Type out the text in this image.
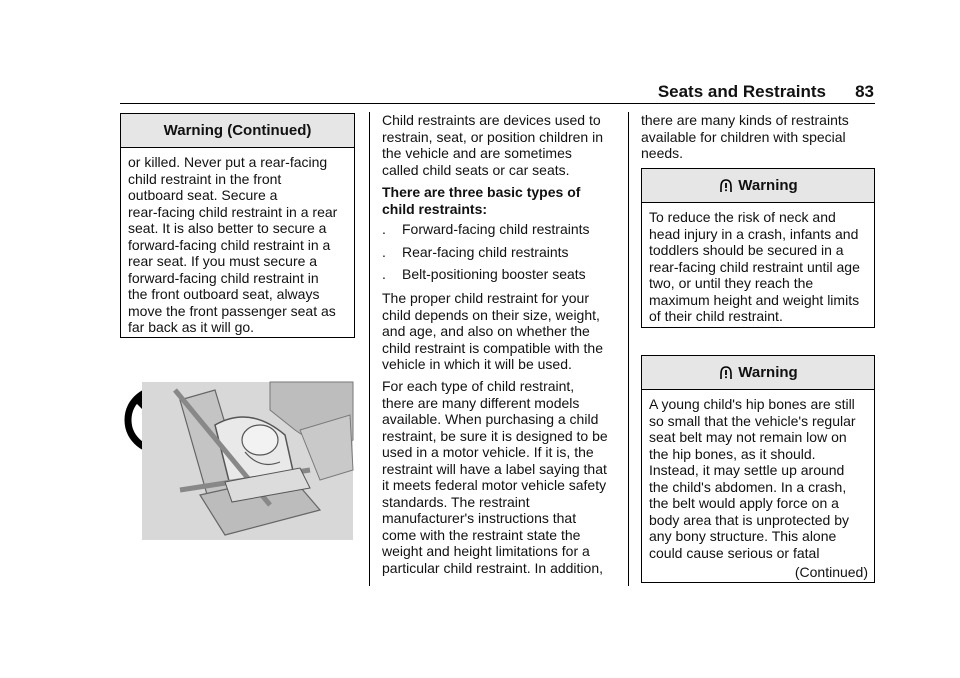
Seats and Restraints	83
Warning (Continued)
or killed. Never put a rear-facing
child restraint in the front
outboard seat. Secure a
rear-facing child restraint in a rear
seat. It is also better to secure a
forward-facing child restraint in a
rear seat. If you must secure a
forward-facing child restraint in
the front outboard seat, always
move the front passenger seat as
far back as it will go.
Child restraints are devices used to
restrain, seat, or position children in
the vehicle and are sometimes
called child seats or car seats.
There are three basic types of
child restraints:
. Forward-facing child restraints
. Rear-facing child restraints
. Belt-positioning booster seats
The proper child restraint for your
child depends on their size, weight,
and age, and also on whether the
child restraint is compatible with the
vehicle in which it will be used.
For each type of child restraint,
there are many different models
available. When purchasing a child
restraint, be sure it is designed to be
used in a motor vehicle. If it is, the
restraint will have a label saying that
it meets federal motor vehicle safety
standards. The restraint
manufacturer's instructions that
come with the restraint state the
weight and height limitations for a
particular child restraint. In addition,
there are many kinds of restraints
available for children with special
needs.
Warning
To reduce the risk of neck and
head injury in a crash, infants and
toddlers should be secured in a
rear-facing child restraint until age
two, or until they reach the
maximum height and weight limits
of their child restraint.
Warning
A young child's hip bones are still
so small that the vehicle's regular
seat belt may not remain low on
the hip bones, as it should.
Instead, it may settle up around
the child's abdomen. In a crash,
the belt would apply force on a
body area that is unprotected by
any bony structure. This alone
could cause serious or fatal
(Continued)
